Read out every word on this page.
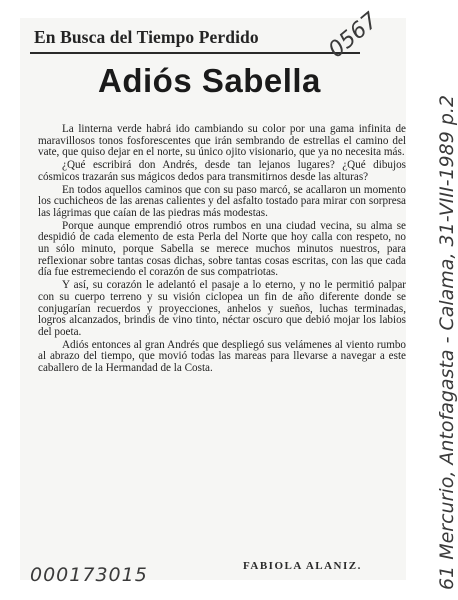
En Busca del Tiempo Perdido
Adiós Sabella

La linterna verde habrá ido cambiando su color por una gama infinita de maravillosos tonos fosforescentes que irán sembrando de estrellas el camino del vate, que quiso dejar en el norte, su único ojito visionario, que ya no necesita más.

¿Qué escribirá don Andrés, desde tan lejanos lugares? ¿Qué dibujos cósmicos trazarán sus mágicos dedos para transmitirnos desde las alturas?

En todos aquellos caminos que con su paso marcó, se acallaron un momento los cuchicheos de las arenas calientes y del asfalto tostado para mirar con sorpresa las lágrimas que caían de las piedras más modestas.

Porque aunque emprendió otros rumbos en una ciudad vecina, su alma se despidió de cada elemento de esta Perla del Norte que hoy calla con respeto, no un sólo minuto, porque Sabella se merece muchos minutos nuestros, para reflexionar sobre tantas cosas dichas, sobre tantas cosas escritas, con las que cada día fue estremeciendo el corazón de sus compatriotas.

Y así, su corazón le adelantó el pasaje a lo eterno, y no le permitió palpar con su cuerpo terreno y su visión ciclopea un fin de año diferente donde se conjugarían recuerdos y proyecciones, anhelos y sueños, luchas terminadas, logros alcanzados, brindis de vino tinto, néctar oscuro que debió mojar los labios del poeta.

Adiós entonces al gran Andrés que despliegó sus velámenes al viento rumbo al abrazo del tiempo, que movió todas las mareas para llevarse a navegar a este caballero de la Hermandad de la Costa.

FABIOLA ALANIZ.
0567
61 Mercurio, Antofagasta - Calama, 31-VIII-1989 p.2
000173015
